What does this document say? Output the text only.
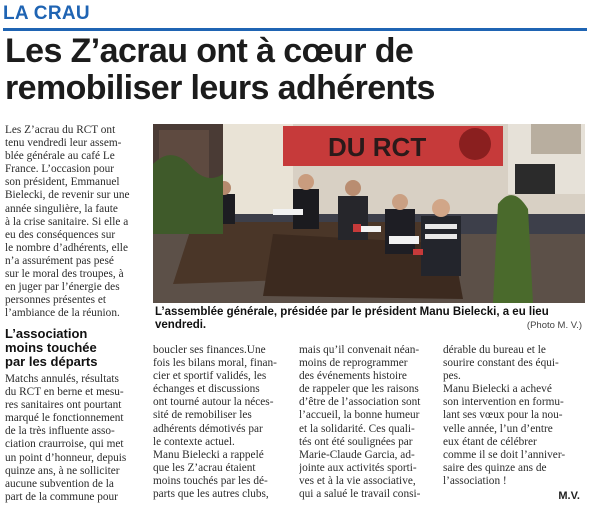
LA CRAU
Les Z’acrau ont à cœur de remobiliser leurs adhérents
Les Z’acrau du RCT ont
tenu vendredi leur assem-
blée générale au café Le
France. L’occasion pour
son président, Emmanuel
Bielecki, de revenir sur une
année singulière, la faute
à la crise sanitaire. Si elle a
eu des conséquences sur
le nombre d’adhérents, elle
n’a assurément pas pesé
sur le moral des troupes, à
en juger par l’énergie des
personnes présentes et
l’ambiance de la réunion.
L’association
moins touchée
par les départs
Matchs annulés, résultats
du RCT en berne et mesu-
res sanitaires ont pourtant
marqué le fonctionnement
de la très influente asso-
ciation craurroise, qui met
un point d’honneur, depuis
quinze ans, à ne solliciter
aucune subvention de la
part de la commune pour
DU RCT
L’assemblée générale, présidée par le président Manu Bielecki, a eu lieu vendredi.	(Photo M. V.)
boucler ses finances.Une
fois les bilans moral, finan-
cier et sportif validés, les
échanges et discussions
ont tourné autour la néces-
sité de remobiliser les
adhérents démotivés par
le contexte actuel.
Manu Bielecki a rappelé
que les Z’acrau étaient
moins touchés par les dé-
parts que les autres clubs,
mais qu’il convenait néan-
moins de reprogrammer
des événements histoire
de rappeler que les raisons
d’être de l’association sont
l’accueil, la bonne humeur
et la solidarité. Ces quali-
tés ont été soulignées par
Marie-Claude Garcia, ad-
jointe aux activités sporti-
ves et à la vie associative,
qui a salué le travail consi-
dérable du bureau et le
sourire constant des équi-
pes.
Manu Bielecki a achevé
son intervention en formu-
lant ses vœux pour la nou-
velle année, l’un d’entre
eux étant de célébrer
comme il se doit l’anniver-
saire des quinze ans de
l’association !
M.V.
